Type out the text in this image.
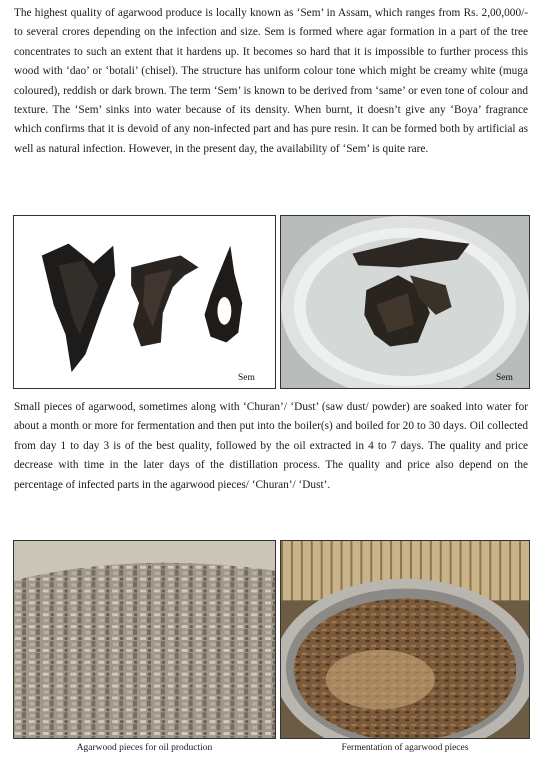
The highest quality of agarwood produce is locally known as ‘Sem’ in Assam, which ranges from Rs. 2,00,000/- to several crores depending on the infection and size. Sem is formed where agar formation in a part of the tree concentrates to such an extent that it hardens up. It becomes so hard that it is impossible to further process this wood with ‘dao’ or ‘botali’ (chisel). The structure has uniform colour tone which might be creamy white (muga coloured), reddish or dark brown. The term ‘Sem’ is known to be derived from ‘same’ or even tone of colour and texture. The ‘Sem’ sinks into water because of its density. When burnt, it doesn’t give any ‘Boya’ fragrance which confirms that it is devoid of any non-infected part and has pure resin. It can be formed both by artificial as well as natural infection. However, in the present day, the availability of ‘Sem’ is quite rare.

Sem	Sem

Small pieces of agarwood, sometimes along with ‘Churan’/ ‘Dust’ (saw dust/ powder) are soaked into water for about a month or more for fermentation and then put into the boiler(s) and boiled for 20 to 30 days. Oil collected from day 1 to day 3 is of the best quality, followed by the oil extracted in 4 to 7 days. The quality and price decrease with time in the later days of the distillation process. The quality and price also depend on the percentage of infected parts in the agarwood pieces/ ‘Churan’/ ‘Dust’.

Agarwood pieces for oil production	Fermentation of agarwood pieces
